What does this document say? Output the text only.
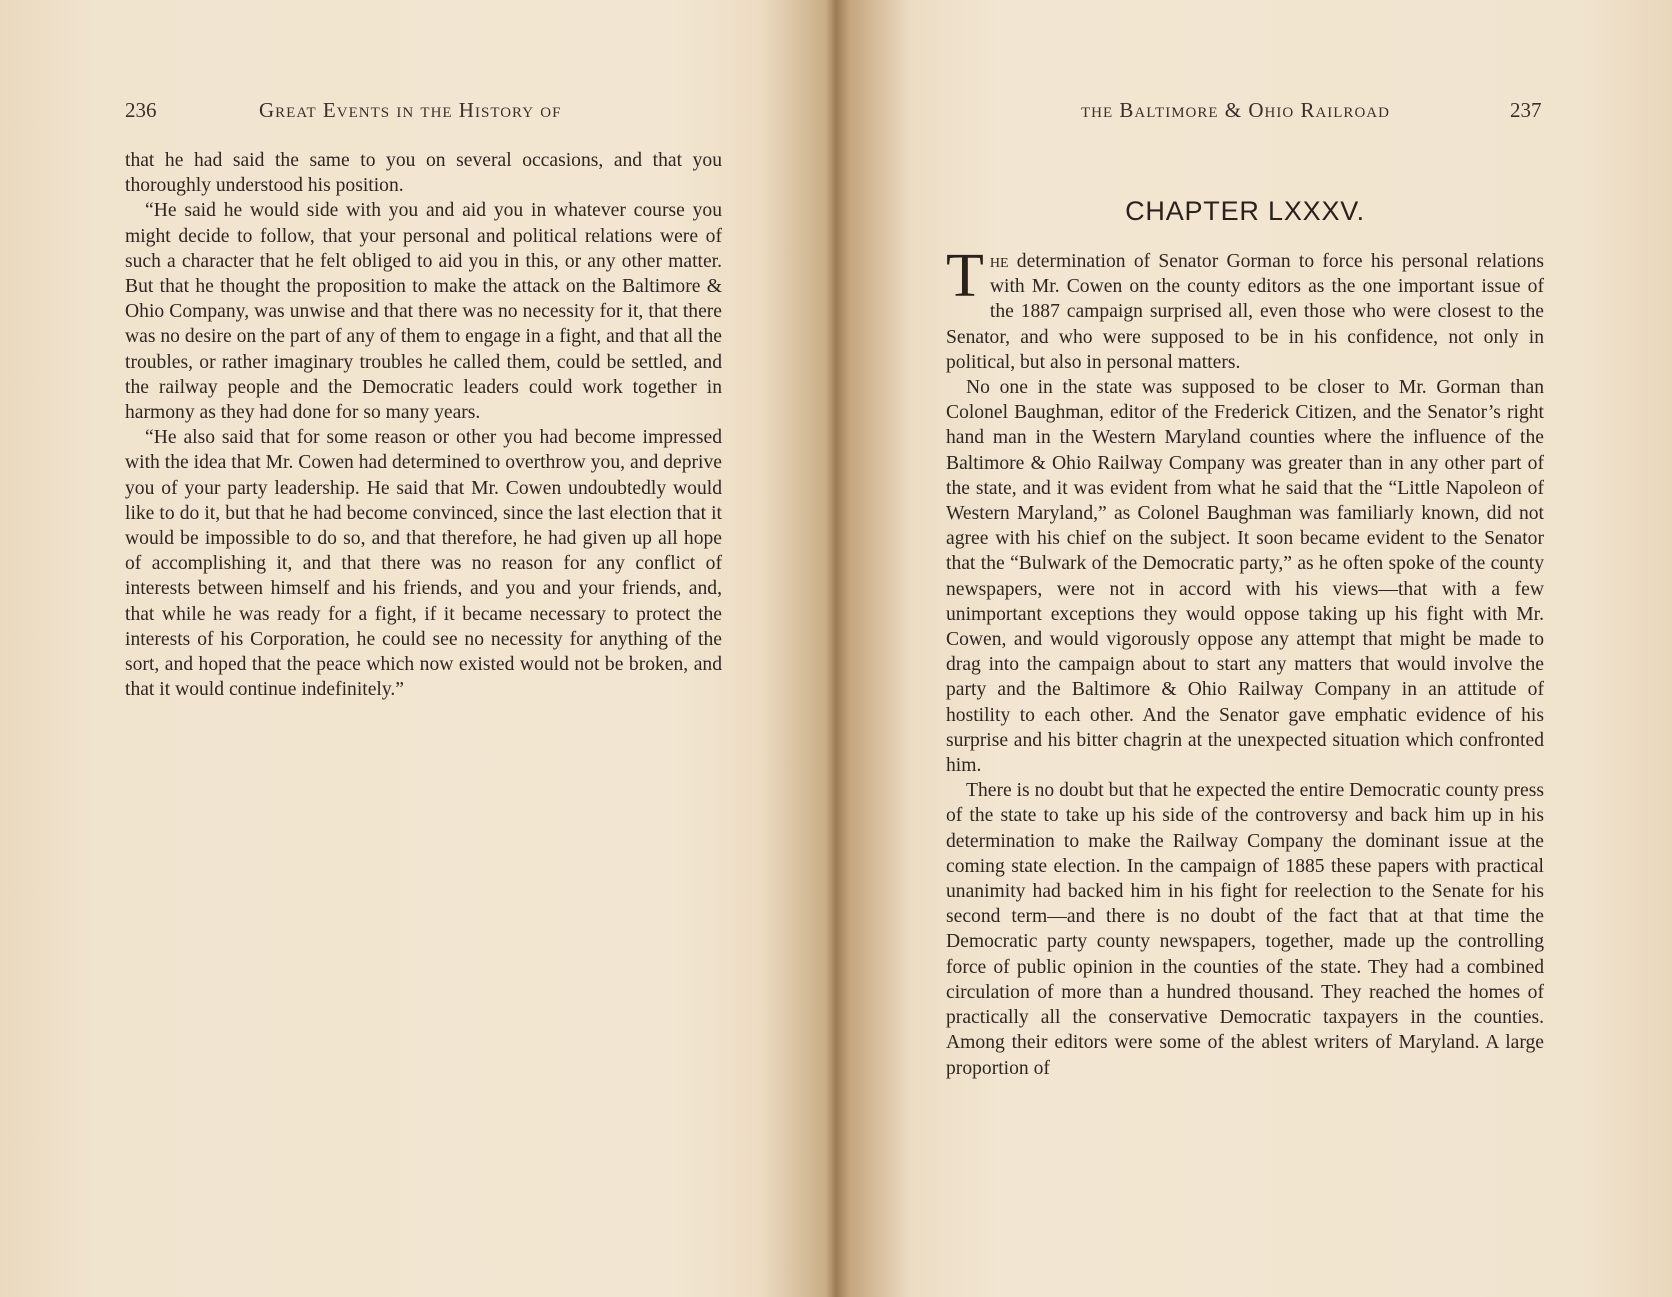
236	Great Events in the History of

that he had said the same to you on several occasions, and that you thoroughly understood his position.

“He said he would side with you and aid you in whatever course you might decide to follow, that your personal and political relations were of such a character that he felt obliged to aid you in this, or any other matter. But that he thought the proposition to make the attack on the Baltimore & Ohio Company, was unwise and that there was no necessity for it, that there was no desire on the part of any of them to engage in a fight, and that all the troubles, or rather imaginary troubles he called them, could be settled, and the railway people and the Democratic leaders could work together in harmony as they had done for so many years.

“He also said that for some reason or other you had become impressed with the idea that Mr. Cowen had determined to overthrow you, and deprive you of your party leadership. He said that Mr. Cowen undoubtedly would like to do it, but that he had become convinced, since the last election that it would be impossible to do so, and that therefore, he had given up all hope of accomplishing it, and that there was no reason for any conflict of interests between himself and his friends, and you and your friends, and, that while he was ready for a fight, if it became necessary to protect the interests of his Corporation, he could see no necessity for anything of the sort, and hoped that the peace which now existed would not be broken, and that it would continue indefinitely.”

the Baltimore & Ohio Railroad	237
CHAPTER LXXXV.

The determination of Senator Gorman to force his personal relations with Mr. Cowen on the county editors as the one important issue of the 1887 campaign surprised all, even those who were closest to the Senator, and who were supposed to be in his confidence, not only in political, but also in personal matters.

No one in the state was supposed to be closer to Mr. Gorman than Colonel Baughman, editor of the Frederick Citizen, and the Senator’s right hand man in the Western Maryland counties where the influence of the Baltimore & Ohio Railway Company was greater than in any other part of the state, and it was evident from what he said that the “Little Napoleon of Western Maryland,” as Colonel Baughman was familiarly known, did not agree with his chief on the subject. It soon became evident to the Senator that the “Bulwark of the Democratic party,” as he often spoke of the county newspapers, were not in accord with his views—that with a few unimportant exceptions they would oppose taking up his fight with Mr. Cowen, and would vigorously oppose any attempt that might be made to drag into the campaign about to start any matters that would involve the party and the Baltimore & Ohio Railway Company in an attitude of hostility to each other. And the Senator gave emphatic evidence of his surprise and his bitter chagrin at the unexpected situation which confronted him.

There is no doubt but that he expected the entire Democratic county press of the state to take up his side of the controversy and back him up in his determination to make the Railway Company the dominant issue at the coming state election. In the campaign of 1885 these papers with practical unanimity had backed him in his fight for reelection to the Senate for his second term—and there is no doubt of the fact that at that time the Democratic party county newspapers, together, made up the controlling force of public opinion in the counties of the state. They had a combined circulation of more than a hundred thousand. They reached the homes of practically all the conservative Democratic taxpayers in the counties. Among their editors were some of the ablest writers of Maryland. A large proportion of
